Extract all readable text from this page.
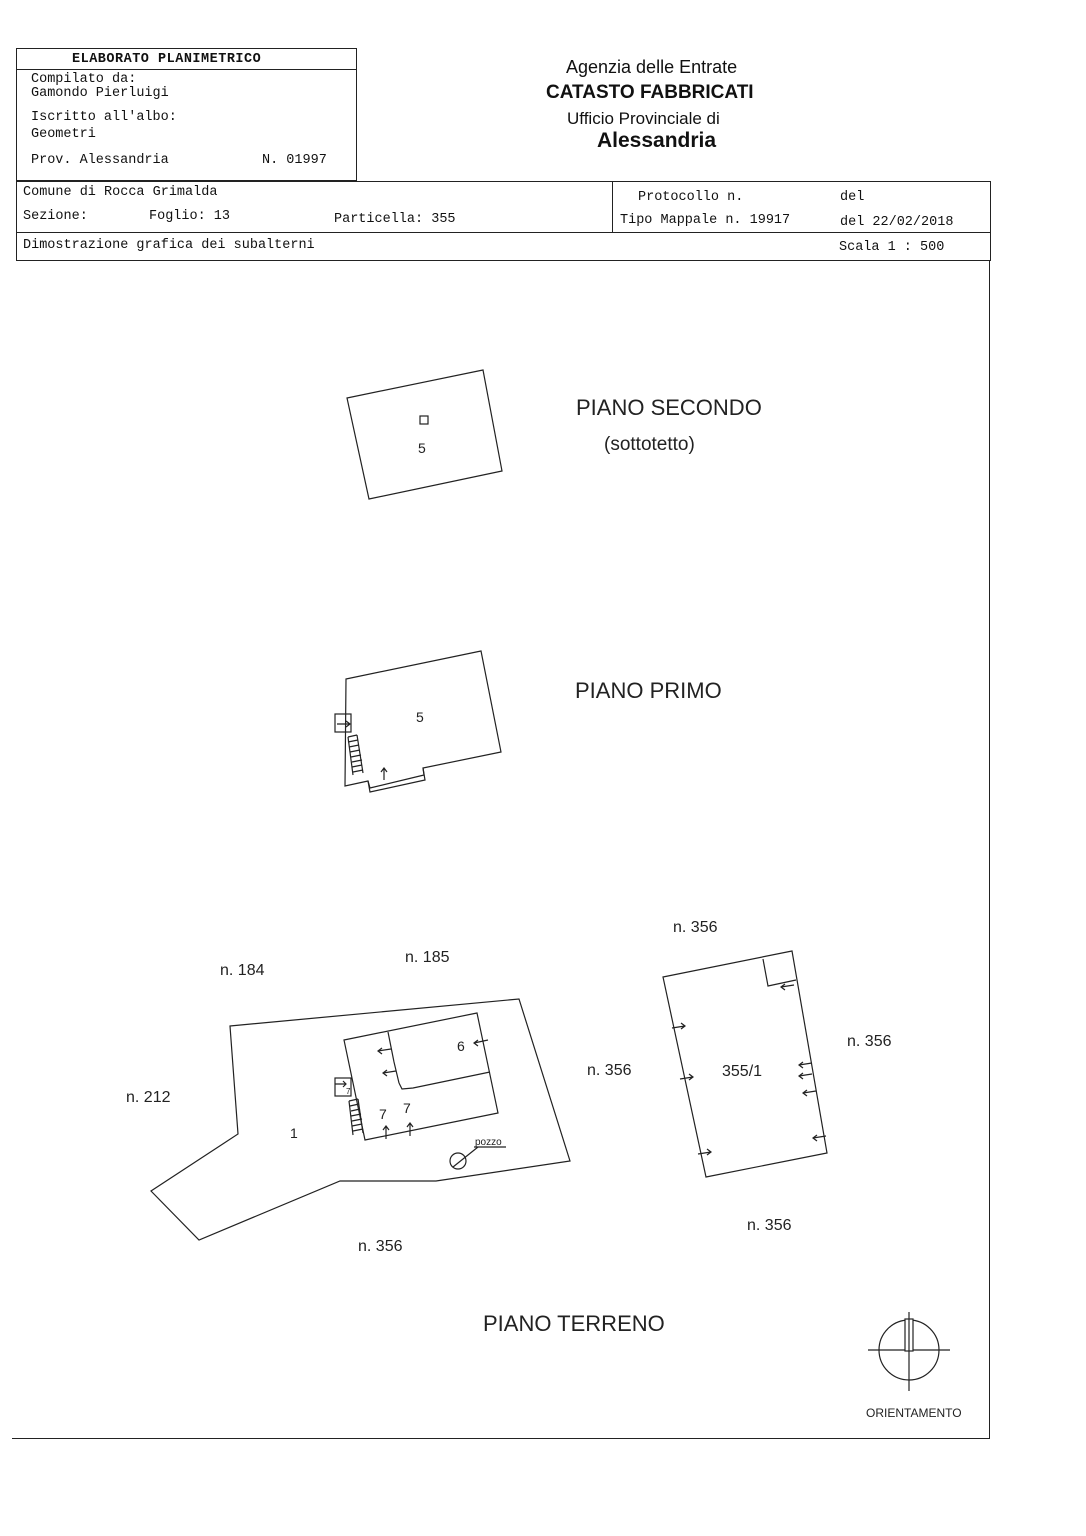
ELABORATO PLANIMETRICO
Compilato da:
Gamondo Pierluigi
Iscritto all'albo:
Geometri
Prov. Alessandria	N. 01997
Agenzia delle Entrate
CATASTO FABBRICATI
Ufficio Provinciale di
Alessandria
Comune di Rocca Grimalda
Sezione:	Foglio: 13	Particella: 355
Protocollo n.	del
Tipo Mappale n. 19917	del 22/02/2018
Dimostrazione grafica dei subalterni	Scala 1 : 500
5
PIANO SECONDO
(sottotetto)
5
PIANO PRIMO
pozzo
1
6
7 7
7
355/1
n. 184
n. 185
n. 212
n. 356
n. 356
n. 356
n. 356
n. 356
PIANO TERRENO
ORIENTAMENTO
